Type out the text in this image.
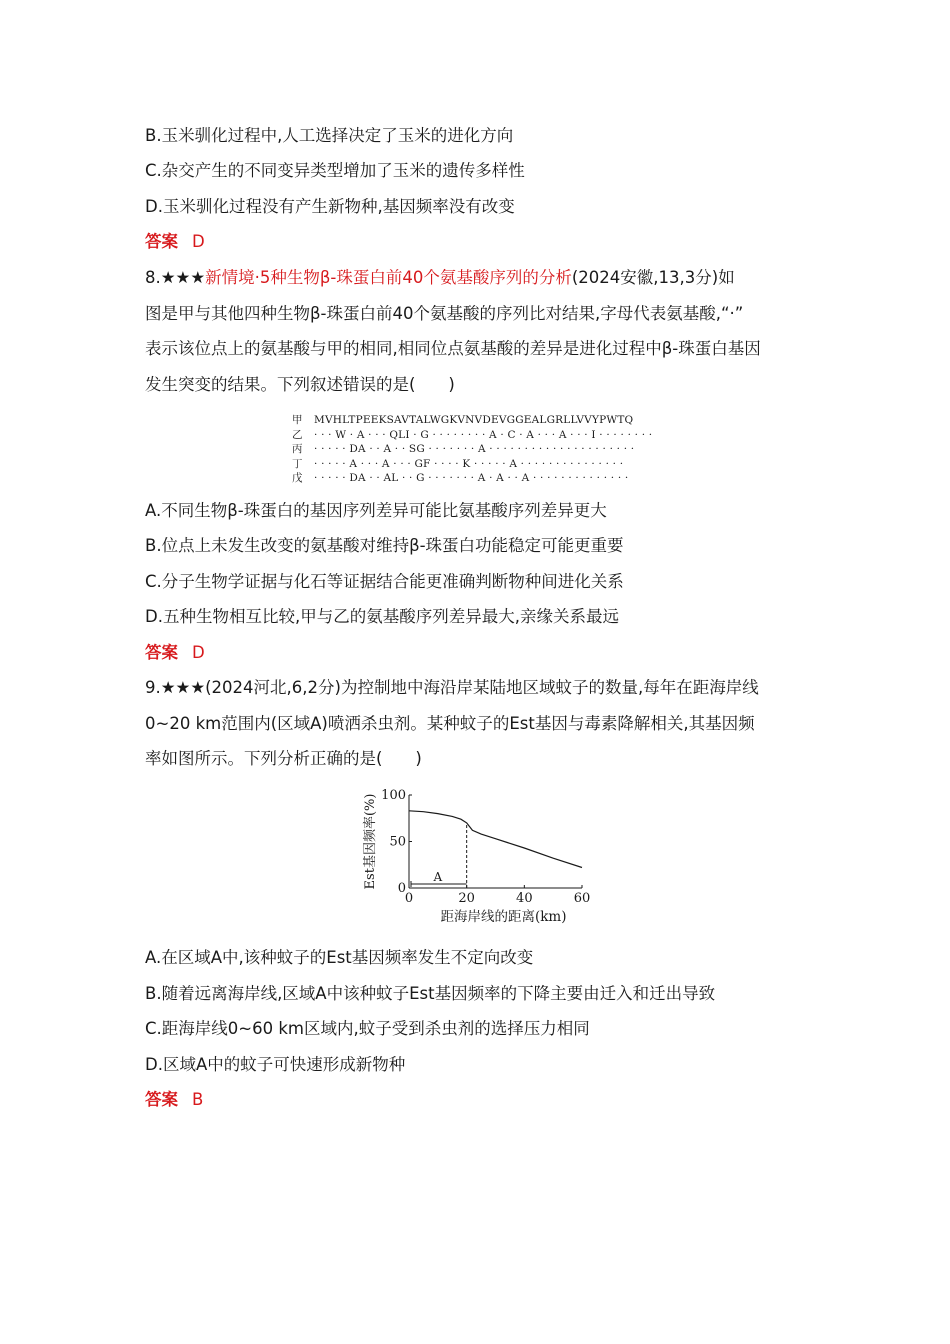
B.玉米驯化过程中,人工选择决定了玉米的进化方向
C.杂交产生的不同变异类型增加了玉米的遗传多样性
D.玉米驯化过程没有产生新物种,基因频率没有改变
答案 D
8.★★★新情境·5种生物β-珠蛋白前40个氨基酸序列的分析(2024安徽,13,3分)如
图是甲与其他四种生物β-珠蛋白前40个氨基酸的序列比对结果,字母代表氨基酸,“·”
表示该位点上的氨基酸与甲的相同,相同位点氨基酸的差异是进化过程中β-珠蛋白基因
发生突变的结果。下列叙述错误的是(　　)
甲 MVHLTPEEKSAVTALWGKVNVDEVGGEALGRLLVVYPWTQ
乙 · · · W · A · · · QLI · G · · · · · · · · A · C · A · · · A · · · I · · · · · · · ·
丙 · · · · · DA · · A · · SG · · · · · · · A · · · · · · · · · · · · · · · · · · · · ·
丁 · · · · · A · · · A · · · GF · · · · K · · · · · A · · · · · · · · · · · · · · ·
戊 · · · · · DA · · AL · · G · · · · · · · A · A · · A · · · · · · · · · · · · · ·
A.不同生物β-珠蛋白的基因序列差异可能比氨基酸序列差异更大
B.位点上未发生改变的氨基酸对维持β-珠蛋白功能稳定可能更重要
C.分子生物学证据与化石等证据结合能更准确判断物种间进化关系
D.五种生物相互比较,甲与乙的氨基酸序列差异最大,亲缘关系最远
答案 D
9.★★★(2024河北,6,2分)为控制地中海沿岸某陆地区域蚊子的数量,每年在距海岸线
0~20 km范围内(区域A)喷洒杀虫剂。某种蚊子的Est基因与毒素降解相关,其基因频
率如图所示。下列分析正确的是(　　)
0	20	40	60
0
50
100
A
距海岸线的距离(km)
Est基因频率(%)
A.在区域A中,该种蚊子的Est基因频率发生不定向改变
B.随着远离海岸线,区域A中该种蚊子Est基因频率的下降主要由迁入和迁出导致
C.距海岸线0~60 km区域内,蚊子受到杀虫剂的选择压力相同
D.区域A中的蚊子可快速形成新物种
答案 B
